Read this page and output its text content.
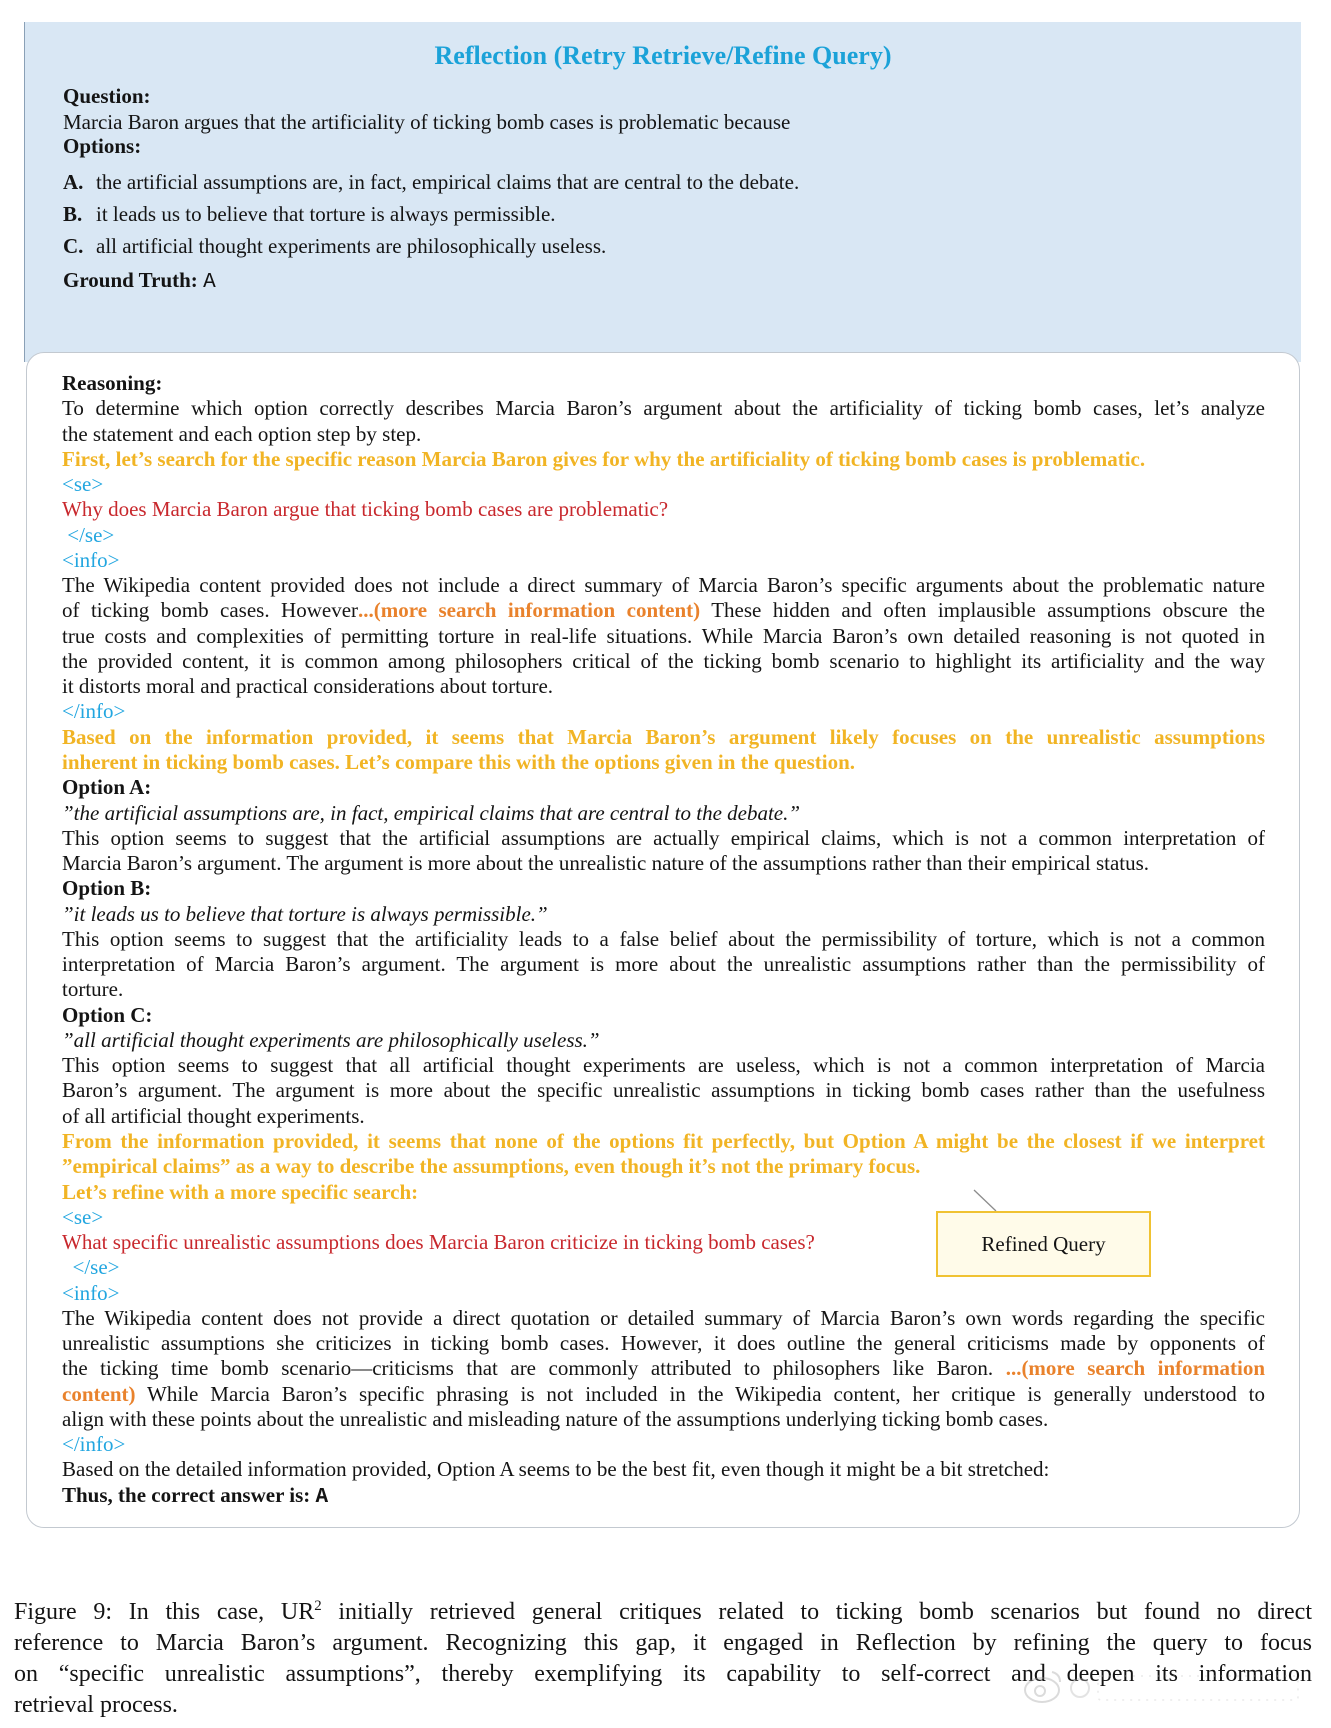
Reflection (Retry Retrieve/Refine Query)
Question:
Marcia Baron argues that the artificiality of ticking bomb cases is problematic because
Options:
A. the artificial assumptions are, in fact, empirical claims that are central to the debate.
B. it leads us to believe that torture is always permissible.
C. all artificial thought experiments are philosophically useless.
Ground Truth: A
Reasoning:
To determine which option correctly describes Marcia Baron’s argument about the artificiality of ticking bomb cases, let’s analyze
the statement and each option step by step.
First, let’s search for the specific reason Marcia Baron gives for why the artificiality of ticking bomb cases is problematic.
<se>
Why does Marcia Baron argue that ticking bomb cases are problematic?
</se>
<info>
The Wikipedia content provided does not include a direct summary of Marcia Baron’s specific arguments about the problematic nature
of ticking bomb cases. However...(more search information content) These hidden and often implausible assumptions obscure the
true costs and complexities of permitting torture in real-life situations. While Marcia Baron’s own detailed reasoning is not quoted in
the provided content, it is common among philosophers critical of the ticking bomb scenario to highlight its artificiality and the way
it distorts moral and practical considerations about torture.
</info>
Based on the information provided, it seems that Marcia Baron’s argument likely focuses on the unrealistic assumptions
inherent in ticking bomb cases. Let’s compare this with the options given in the question.
Option A:
”the artificial assumptions are, in fact, empirical claims that are central to the debate.”
This option seems to suggest that the artificial assumptions are actually empirical claims, which is not a common interpretation of
Marcia Baron’s argument. The argument is more about the unrealistic nature of the assumptions rather than their empirical status.
Option B:
”it leads us to believe that torture is always permissible.”
This option seems to suggest that the artificiality leads to a false belief about the permissibility of torture, which is not a common
interpretation of Marcia Baron’s argument. The argument is more about the unrealistic assumptions rather than the permissibility of
torture.
Option C:
”all artificial thought experiments are philosophically useless.”
This option seems to suggest that all artificial thought experiments are useless, which is not a common interpretation of Marcia
Baron’s argument. The argument is more about the specific unrealistic assumptions in ticking bomb cases rather than the usefulness
of all artificial thought experiments.
From the information provided, it seems that none of the options fit perfectly, but Option A might be the closest if we interpret
”empirical claims” as a way to describe the assumptions, even though it’s not the primary focus.
Let’s refine with a more specific search:
<se>
What specific unrealistic assumptions does Marcia Baron criticize in ticking bomb cases?
</se>
<info>
The Wikipedia content does not provide a direct quotation or detailed summary of Marcia Baron’s own words regarding the specific
unrealistic assumptions she criticizes in ticking bomb cases. However, it does outline the general criticisms made by opponents of
the ticking time bomb scenario—criticisms that are commonly attributed to philosophers like Baron. ...(more search information
content) While Marcia Baron’s specific phrasing is not included in the Wikipedia content, her critique is generally understood to
align with these points about the unrealistic and misleading nature of the assumptions underlying ticking bomb cases.
</info>
Based on the detailed information provided, Option A seems to be the best fit, even though it might be a bit stretched:
Thus, the correct answer is: A
Refined Query
Figure 9: In this case, $UR^2$ initially retrieved general critiques related to ticking bomb scenarios but found no direct
reference to Marcia Baron’s argument. Recognizing this gap, it engaged in Reflection by refining the query to focus
on “specific unrealistic assumptions”, thereby exemplifying its capability to self-correct and deepen its information
retrieval process.
